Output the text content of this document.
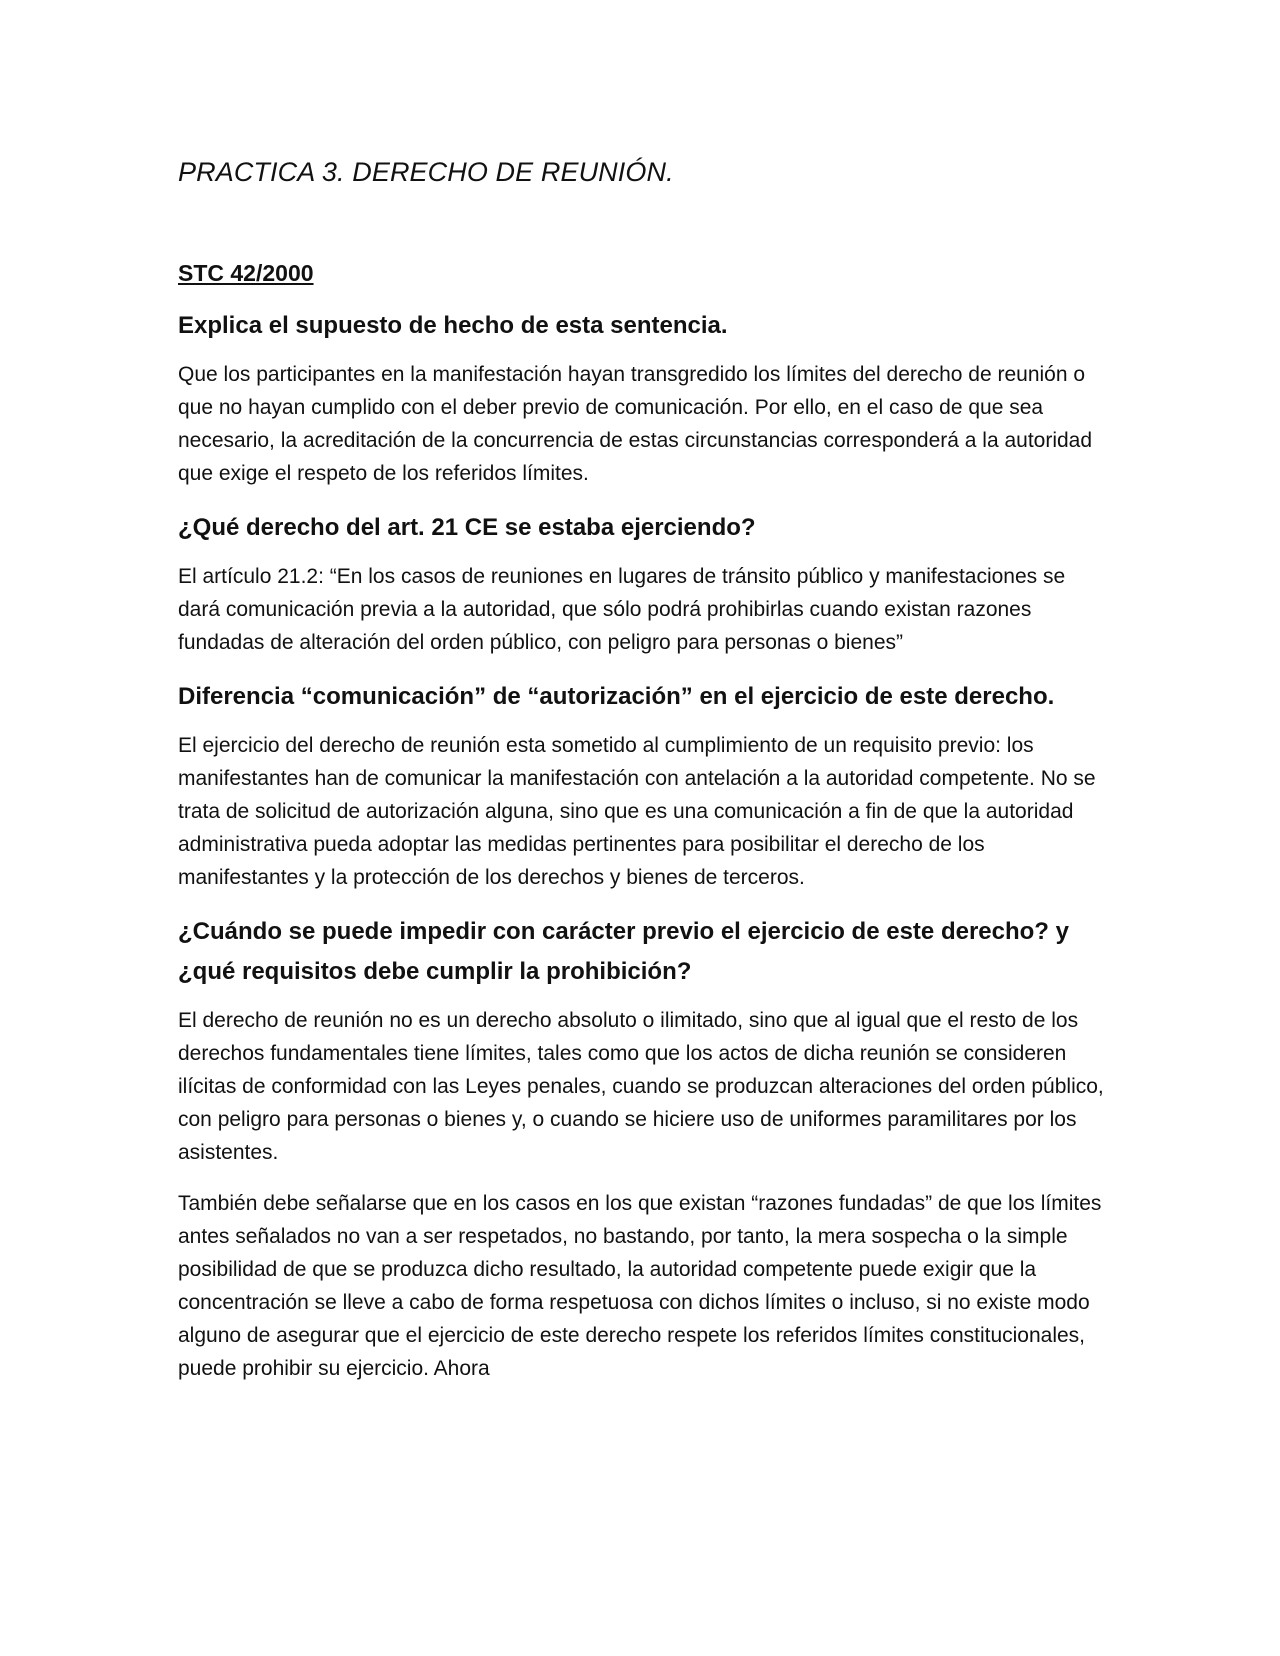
PRACTICA 3. DERECHO DE REUNIÓN.

STC 42/2000

Explica el supuesto de hecho de esta sentencia.

Que los participantes en la manifestación hayan transgredido los límites del derecho de reunión o que no hayan cumplido con el deber previo de comunicación. Por ello, en el caso de que sea necesario, la acreditación de la concurrencia de estas circunstancias corresponderá a la autoridad que exige el respeto de los referidos límites.

¿Qué derecho del art. 21 CE se estaba ejerciendo?

El artículo 21.2: “En los casos de reuniones en lugares de tránsito público y manifestaciones se dará comunicación previa a la autoridad, que sólo podrá prohibirlas cuando existan razones fundadas de alteración del orden público, con peligro para personas o bienes”

Diferencia “comunicación” de “autorización” en el ejercicio de este derecho.

El ejercicio del derecho de reunión esta sometido al cumplimiento de un requisito previo: los manifestantes han de comunicar la manifestación con antelación a la autoridad competente. No se trata de solicitud de autorización alguna, sino que es una comunicación a fin de que la autoridad administrativa pueda adoptar las medidas pertinentes para posibilitar el derecho de los manifestantes y la protección de los derechos y bienes de terceros.

¿Cuándo se puede impedir con carácter previo el ejercicio de este derecho? y ¿qué requisitos debe cumplir la prohibición?

El derecho de reunión no es un derecho absoluto o ilimitado, sino que al igual que el resto de los derechos fundamentales tiene límites, tales como que los actos de dicha reunión se consideren ilícitas de conformidad con las Leyes penales, cuando se produzcan alteraciones del orden público, con peligro para personas o bienes y, o cuando se hiciere uso de uniformes paramilitares por los asistentes.

También debe señalarse que en los casos en los que existan “razones fundadas” de que los límites antes señalados no van a ser respetados, no bastando, por tanto, la mera sospecha o la simple posibilidad de que se produzca dicho resultado, la autoridad competente puede exigir que la concentración se lleve a cabo de forma respetuosa con dichos límites o incluso, si no existe modo alguno de asegurar que el ejercicio de este derecho respete los referidos límites constitucionales, puede prohibir su ejercicio. Ahora
